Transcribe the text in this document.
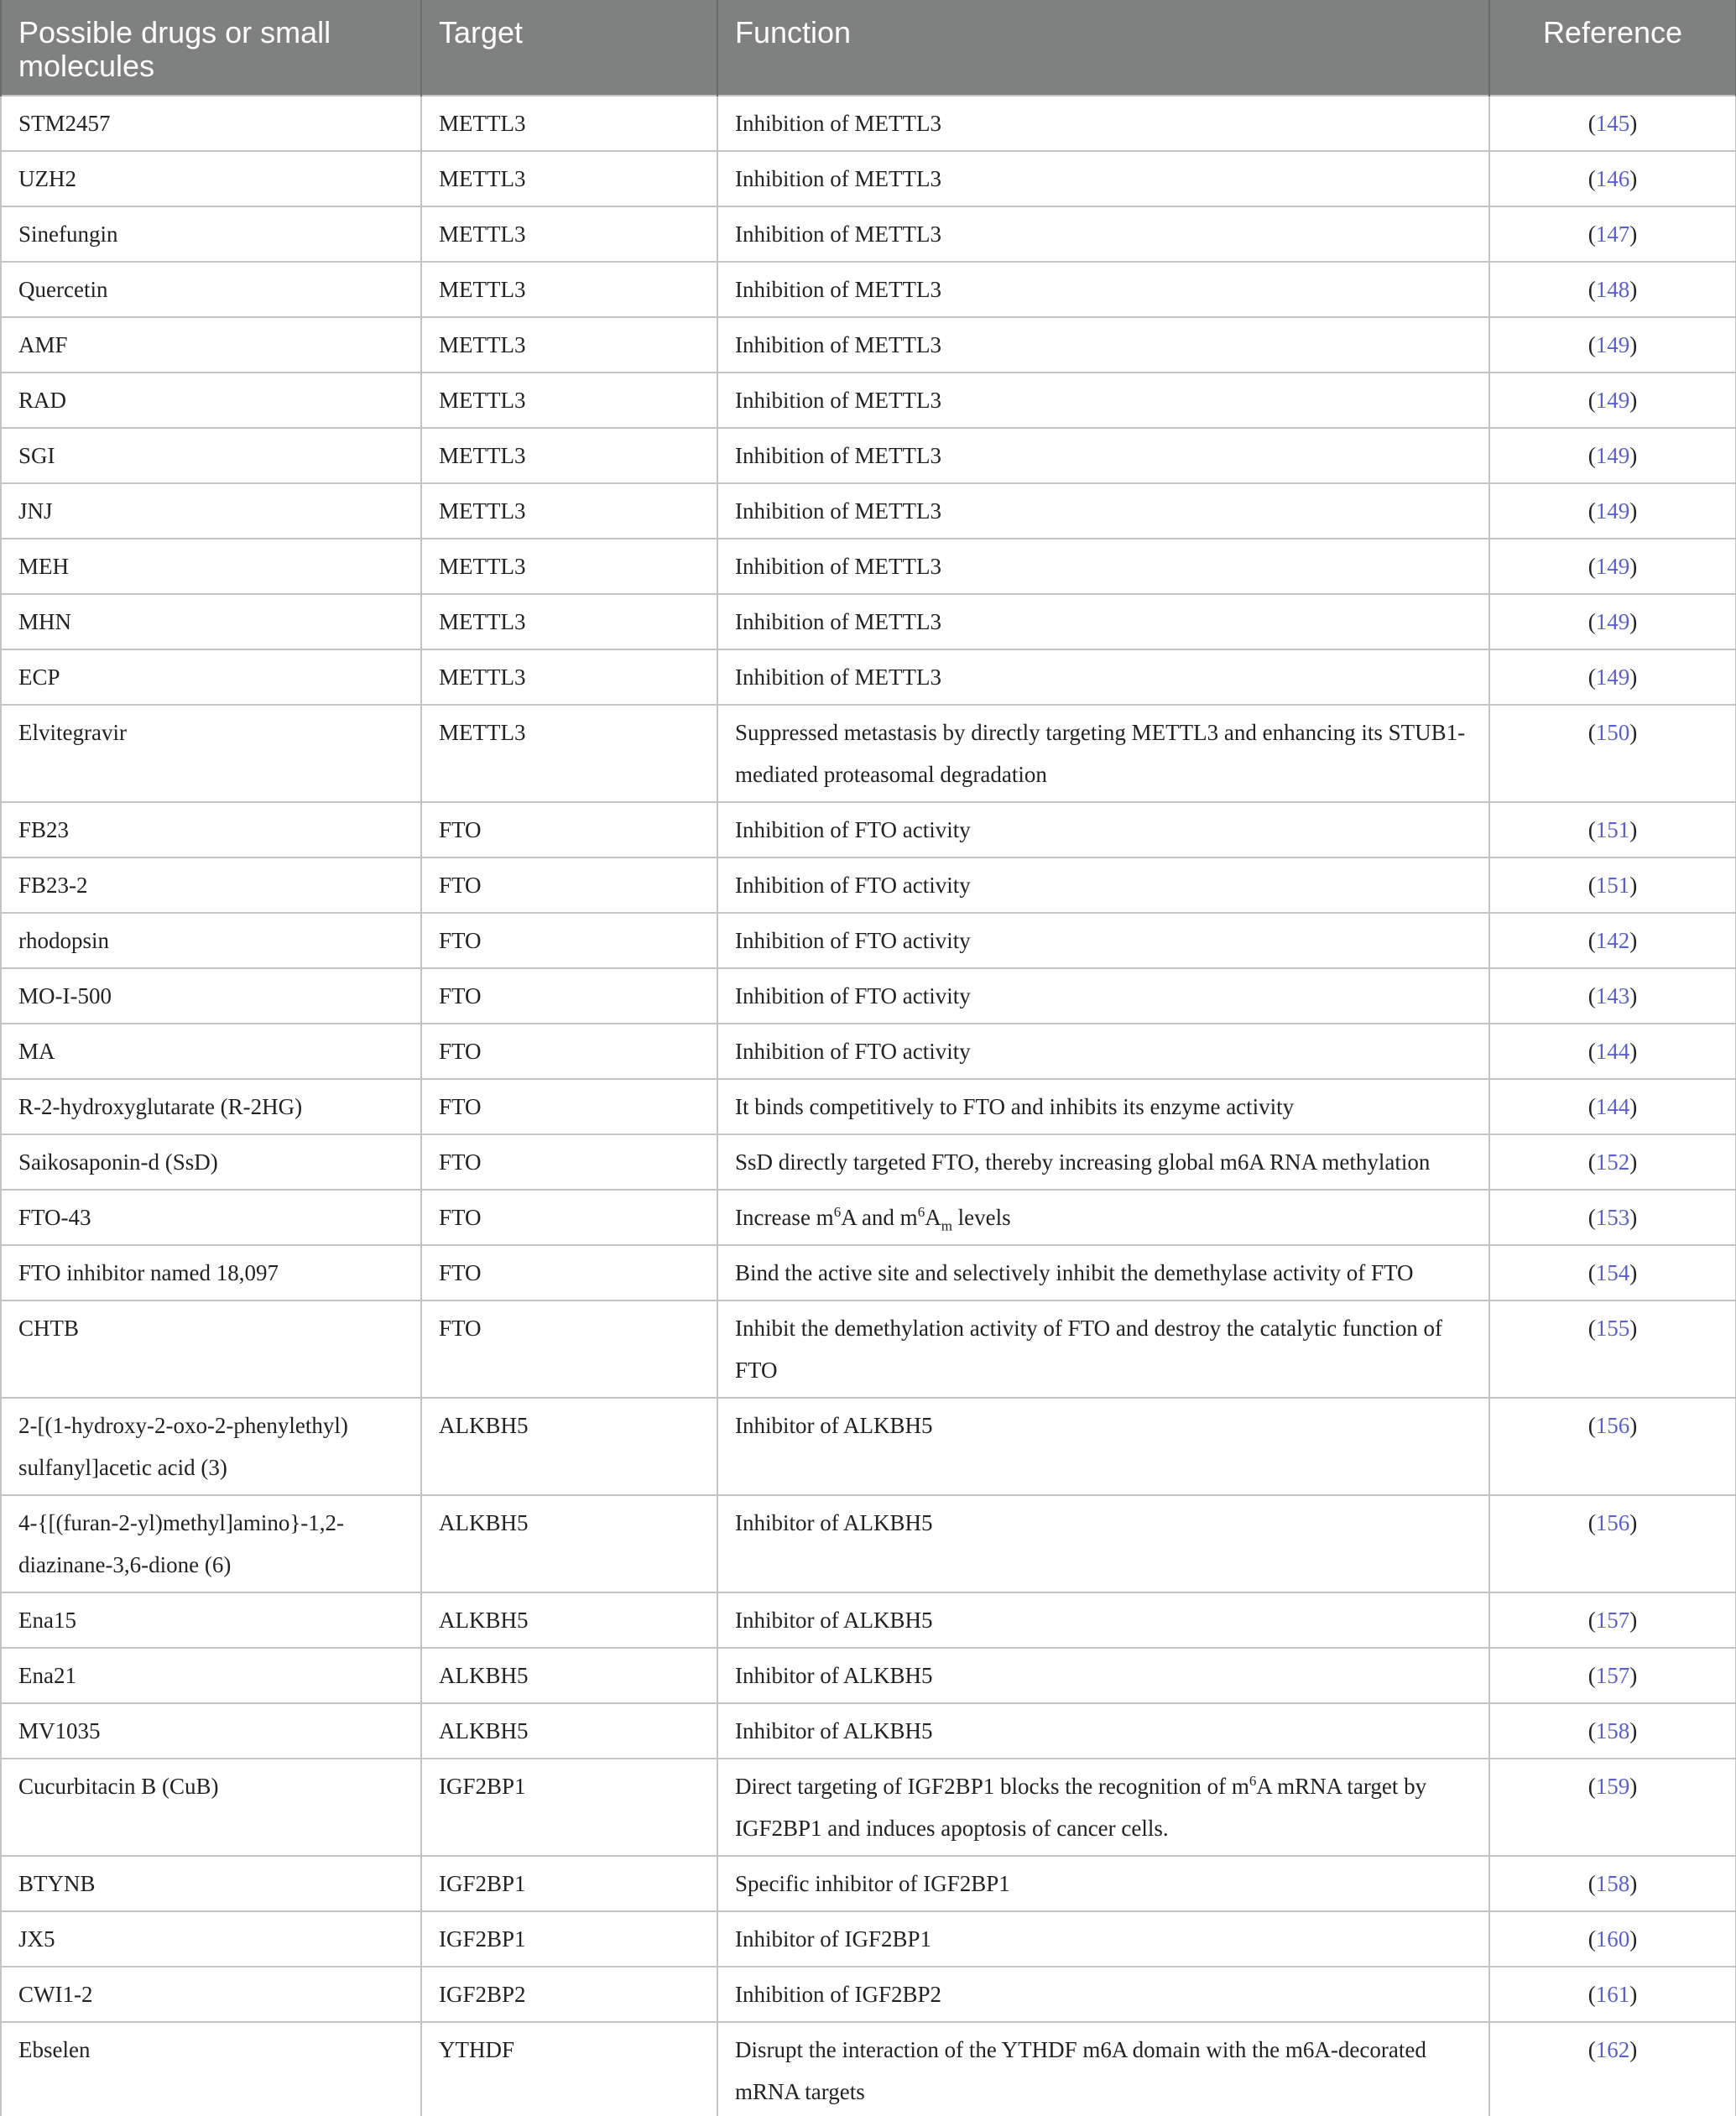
Possible drugs or small molecules	Target	Function	Reference
STM2457	METTL3	Inhibition of METTL3	(145)
UZH2	METTL3	Inhibition of METTL3	(146)
Sinefungin	METTL3	Inhibition of METTL3	(147)
Quercetin	METTL3	Inhibition of METTL3	(148)
AMF	METTL3	Inhibition of METTL3	(149)
RAD	METTL3	Inhibition of METTL3	(149)
SGI	METTL3	Inhibition of METTL3	(149)
JNJ	METTL3	Inhibition of METTL3	(149)
MEH	METTL3	Inhibition of METTL3	(149)
MHN	METTL3	Inhibition of METTL3	(149)
ECP	METTL3	Inhibition of METTL3	(149)
Elvitegravir	METTL3	Suppressed metastasis by directly targeting METTL3 and enhancing its STUB1-mediated proteasomal degradation	(150)
FB23	FTO	Inhibition of FTO activity	(151)
FB23-2	FTO	Inhibition of FTO activity	(151)
rhodopsin	FTO	Inhibition of FTO activity	(142)
MO-I-500	FTO	Inhibition of FTO activity	(143)
MA	FTO	Inhibition of FTO activity	(144)
R-2-hydroxyglutarate (R-2HG)	FTO	It binds competitively to FTO and inhibits its enzyme activity	(144)
Saikosaponin-d (SsD)	FTO	SsD directly targeted FTO, thereby increasing global m6A RNA methylation	(152)
FTO-43	FTO	Increase $m^6A$ and $m^6A_m$ levels	(153)
FTO inhibitor named 18,097	FTO	Bind the active site and selectively inhibit the demethylase activity of FTO	(154)
CHTB	FTO	Inhibit the demethylation activity of FTO and destroy the catalytic function of FTO	(155)
2-[(1-hydroxy-2-oxo-2-phenylethyl) sulfanyl]acetic acid (3)	ALKBH5	Inhibitor of ALKBH5	(156)
4-{[(furan-2-yl)methyl]amino}-1,2-diazinane-3,6-dione (6)	ALKBH5	Inhibitor of ALKBH5	(156)
Ena15	ALKBH5	Inhibitor of ALKBH5	(157)
Ena21	ALKBH5	Inhibitor of ALKBH5	(157)
MV1035	ALKBH5	Inhibitor of ALKBH5	(158)
Cucurbitacin B (CuB)	IGF2BP1	Direct targeting of IGF2BP1 blocks the recognition of $m^6A$ mRNA target by IGF2BP1 and induces apoptosis of cancer cells.	(159)
BTYNB	IGF2BP1	Specific inhibitor of IGF2BP1	(158)
JX5	IGF2BP1	Inhibitor of IGF2BP1	(160)
CWI1-2	IGF2BP2	Inhibition of IGF2BP2	(161)
Ebselen	YTHDF	Disrupt the interaction of the YTHDF m6A domain with the m6A-decorated mRNA targets	(162)
